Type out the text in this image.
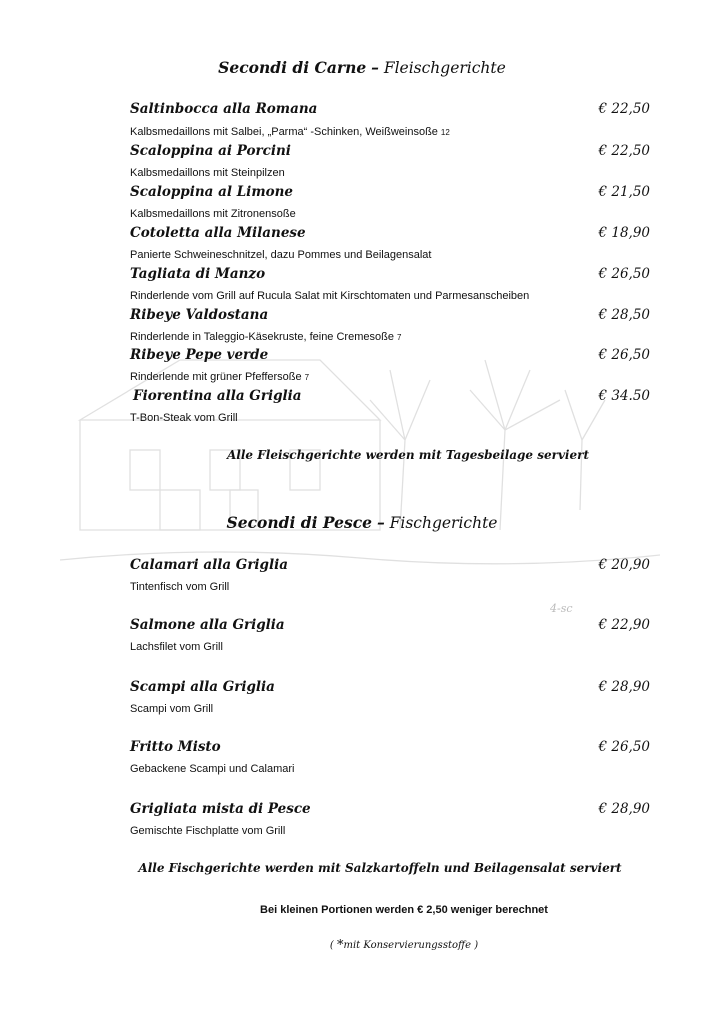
4-sc
Secondi di Carne – Fleischgerichte
Saltinbocca alla Romana	€ 22,50
Kalbsmedaillons mit Salbei, „Parma“ -Schinken, Weißweinsoße 12
Scaloppina ai Porcini	€ 22,50
Kalbsmedaillons mit Steinpilzen
Scaloppina al Limone	€ 21,50
Kalbsmedaillons mit Zitronensoße
Cotoletta alla Milanese	€ 18,90
Panierte Schweineschnitzel, dazu Pommes und Beilagensalat
Tagliata di Manzo	€ 26,50
Rinderlende vom Grill auf Rucula Salat mit Kirschtomaten und Parmesanscheiben
Ribeye Valdostana	€ 28,50
Rinderlende in Taleggio-Käsekruste, feine Cremesoße 7
Ribeye Pepe verde	€ 26,50
Rinderlende mit grüner Pfeffersoße 7
Fiorentina alla Griglia	€ 34.50
T-Bon-Steak vom Grill
Alle Fleischgerichte werden mit Tagesbeilage serviert
Secondi di Pesce – Fischgerichte
Calamari alla Griglia	€ 20,90
Tintenfisch vom Grill
Salmone alla Griglia	€ 22,90
Lachsfilet vom Grill
Scampi alla Griglia	€ 28,90
Scampi vom Grill
Fritto Misto	€ 26,50
Gebackene Scampi und Calamari
Grigliata mista di Pesce	€ 28,90
Gemischte Fischplatte vom Grill
Alle Fischgerichte werden mit Salzkartoffeln und Beilagensalat serviert
Bei kleinen Portionen werden € 2,50 weniger berechnet
( *mit Konservierungsstoffe )
